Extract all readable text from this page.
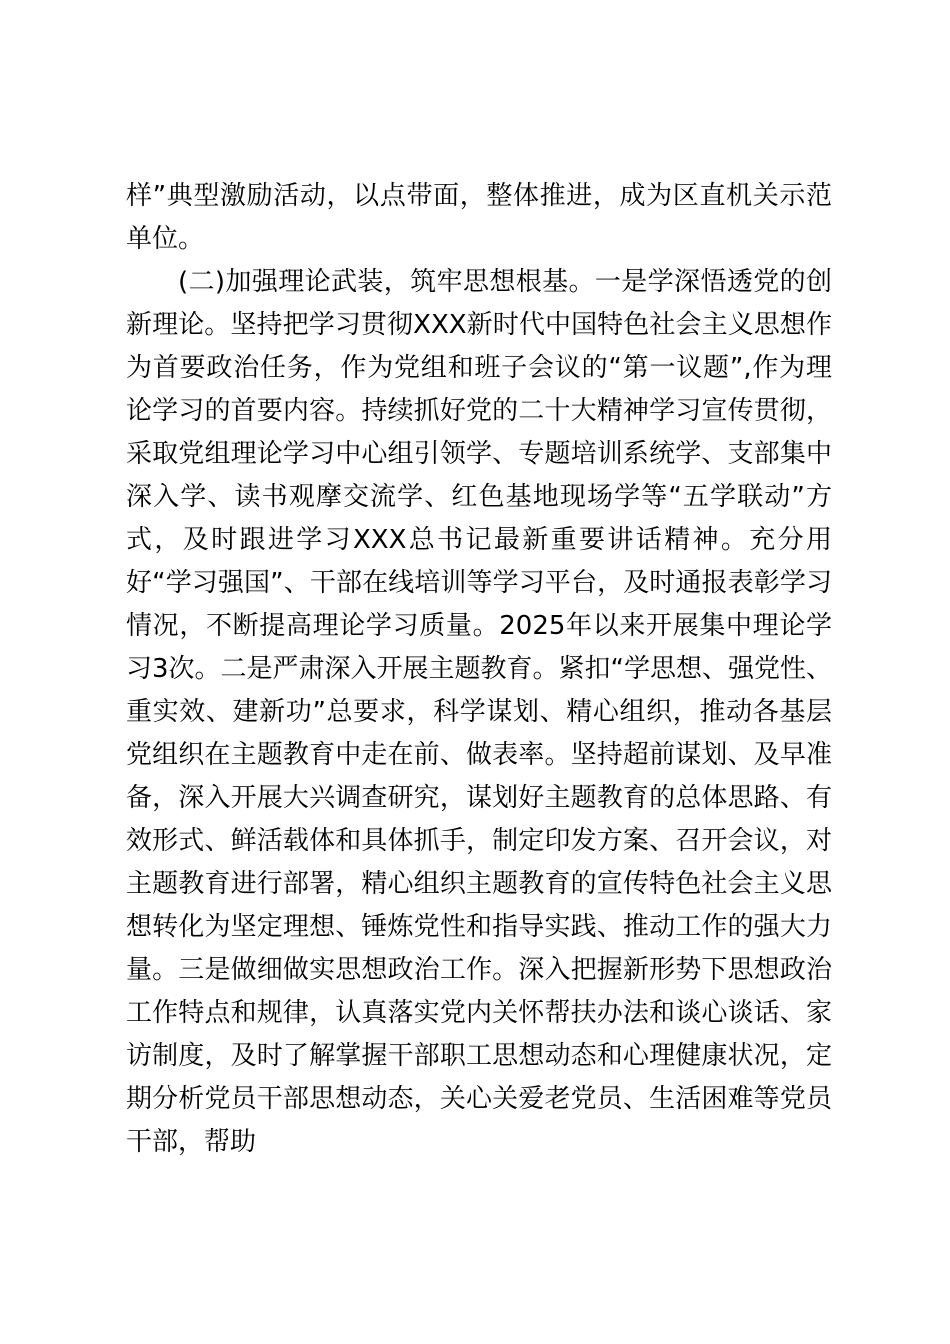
样”典型激励活动，以点带面，整体推进，成为区直机关示范单位。

(二)加强理论武装，筑牢思想根基。一是学深悟透党的创新理论。坚持把学习贯彻XXX新时代中国特色社会主义思想作为首要政治任务，作为党组和班子会议的“第一议题”,作为理论学习的首要内容。持续抓好党的二十大精神学习宣传贯彻，采取党组理论学习中心组引领学、专题培训系统学、支部集中深入学、读书观摩交流学、红色基地现场学等“五学联动”方式，及时跟进学习XXX总书记最新重要讲话精神。充分用好“学习强国”、干部在线培训等学习平台，及时通报表彰学习情况，不断提高理论学习质量。2025年以来开展集中理论学习3次。二是严肃深入开展主题教育。紧扣“学思想、强党性、重实效、建新功”总要求，科学谋划、精心组织，推动各基层党组织在主题教育中走在前、做表率。坚持超前谋划、及早准备，深入开展大兴调查研究，谋划好主题教育的总体思路、有效形式、鲜活载体和具体抓手，制定印发方案、召开会议，对主题教育进行部署，精心组织主题教育的宣传特色社会主义思想转化为坚定理想、锤炼党性和指导实践、推动工作的强大力量。三是做细做实思想政治工作。深入把握新形势下思想政治工作特点和规律，认真落实党内关怀帮扶办法和谈心谈话、家访制度，及时了解掌握干部职工思想动态和心理健康状况，定期分析党员干部思想动态，关心关爱老党员、生活困难等党员干部，帮助
